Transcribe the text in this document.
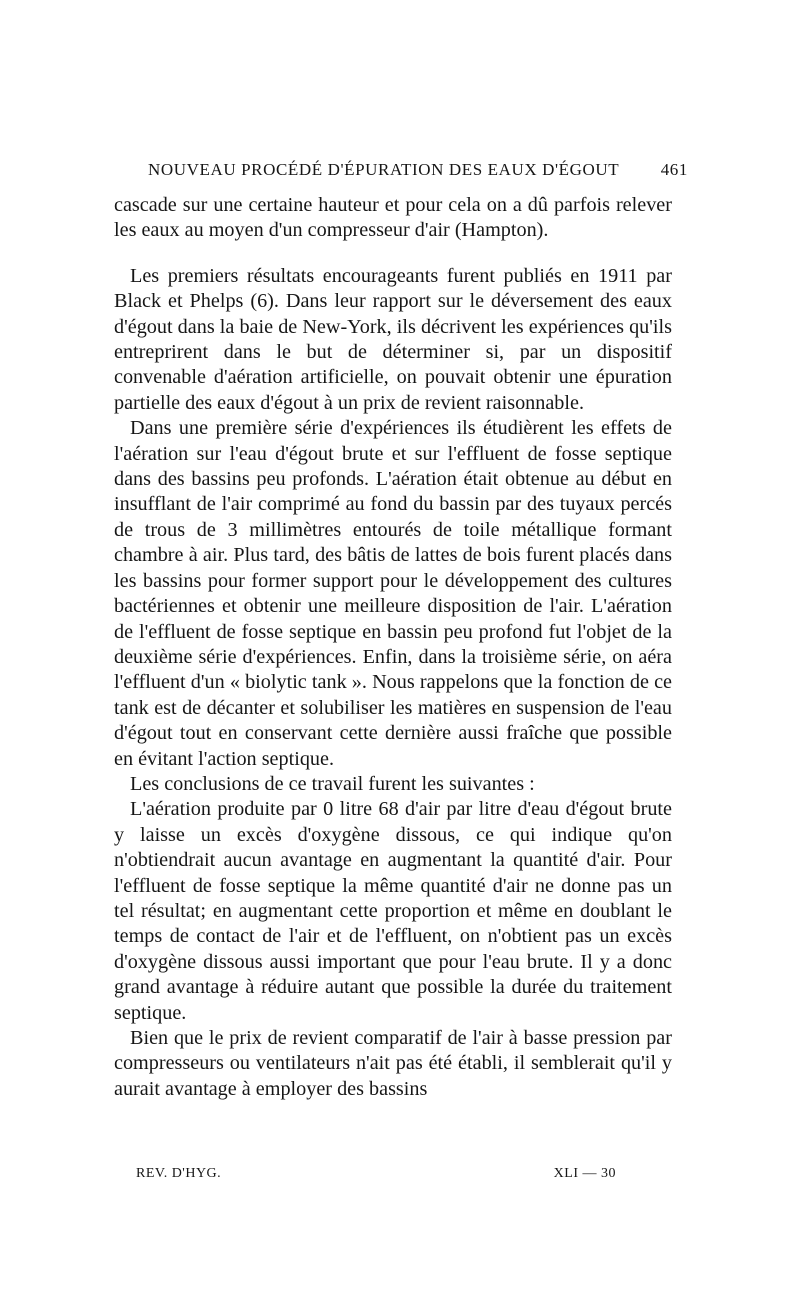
NOUVEAU PROCÉDÉ D'ÉPURATION DES EAUX D'ÉGOUT 461

cascade sur une certaine hauteur et pour cela on a dû parfois relever les eaux au moyen d'un compresseur d'air (Hampton).

Les premiers résultats encourageants furent publiés en 1911 par Black et Phelps (6). Dans leur rapport sur le déversement des eaux d'égout dans la baie de New-York, ils décrivent les expériences qu'ils entreprirent dans le but de déterminer si, par un dispositif convenable d'aération artificielle, on pouvait obtenir une épuration partielle des eaux d'égout à un prix de revient raisonnable.

Dans une première série d'expériences ils étudièrent les effets de l'aération sur l'eau d'égout brute et sur l'effluent de fosse septique dans des bassins peu profonds. L'aération était obtenue au début en insufflant de l'air comprimé au fond du bassin par des tuyaux percés de trous de 3 millimètres entourés de toile métallique formant chambre à air. Plus tard, des bâtis de lattes de bois furent placés dans les bassins pour former support pour le développement des cultures bactériennes et obtenir une meilleure disposition de l'air. L'aération de l'effluent de fosse septique en bassin peu profond fut l'objet de la deuxième série d'expériences. Enfin, dans la troisième série, on aéra l'effluent d'un « biolytic tank ». Nous rappelons que la fonction de ce tank est de décanter et solubiliser les matières en suspension de l'eau d'égout tout en conservant cette dernière aussi fraîche que possible en évitant l'action septique.

Les conclusions de ce travail furent les suivantes :

L'aération produite par 0 litre 68 d'air par litre d'eau d'égout brute y laisse un excès d'oxygène dissous, ce qui indique qu'on n'obtiendrait aucun avantage en augmentant la quantité d'air. Pour l'effluent de fosse septique la même quantité d'air ne donne pas un tel résultat; en augmentant cette proportion et même en doublant le temps de contact de l'air et de l'effluent, on n'obtient pas un excès d'oxygène dissous aussi important que pour l'eau brute. Il y a donc grand avantage à réduire autant que possible la durée du traitement septique.

Bien que le prix de revient comparatif de l'air à basse pression par compresseurs ou ventilateurs n'ait pas été établi, il semblerait qu'il y aurait avantage à employer des bassins

REV. D'HYG.	XLI — 30
